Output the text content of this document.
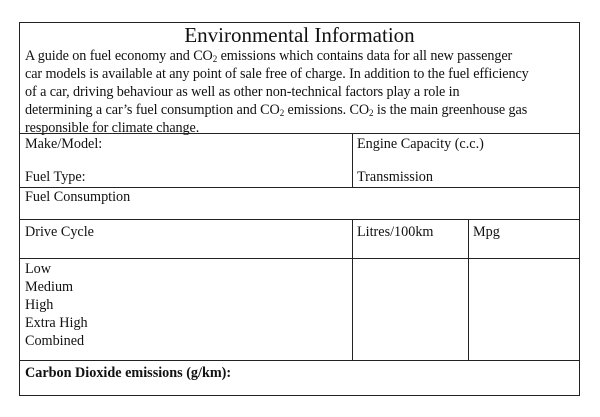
Environmental Information
A guide on fuel economy and $CO_2$ emissions which contains data for all new passenger
car models is available at any point of sale free of charge. In addition to the fuel efficiency
of a car, driving behaviour as well as other non-technical factors play a role in
determining a car’s fuel consumption and $CO_2$ emissions. $CO_2$ is the main greenhouse gas
responsible for climate change.
Make/Model:	Engine Capacity (c.c.)
Fuel Type:	Transmission
Fuel Consumption
Drive Cycle	Litres/100km	Mpg
Low
Medium
High
Extra High
Combined
Carbon Dioxide emissions (g/km):
